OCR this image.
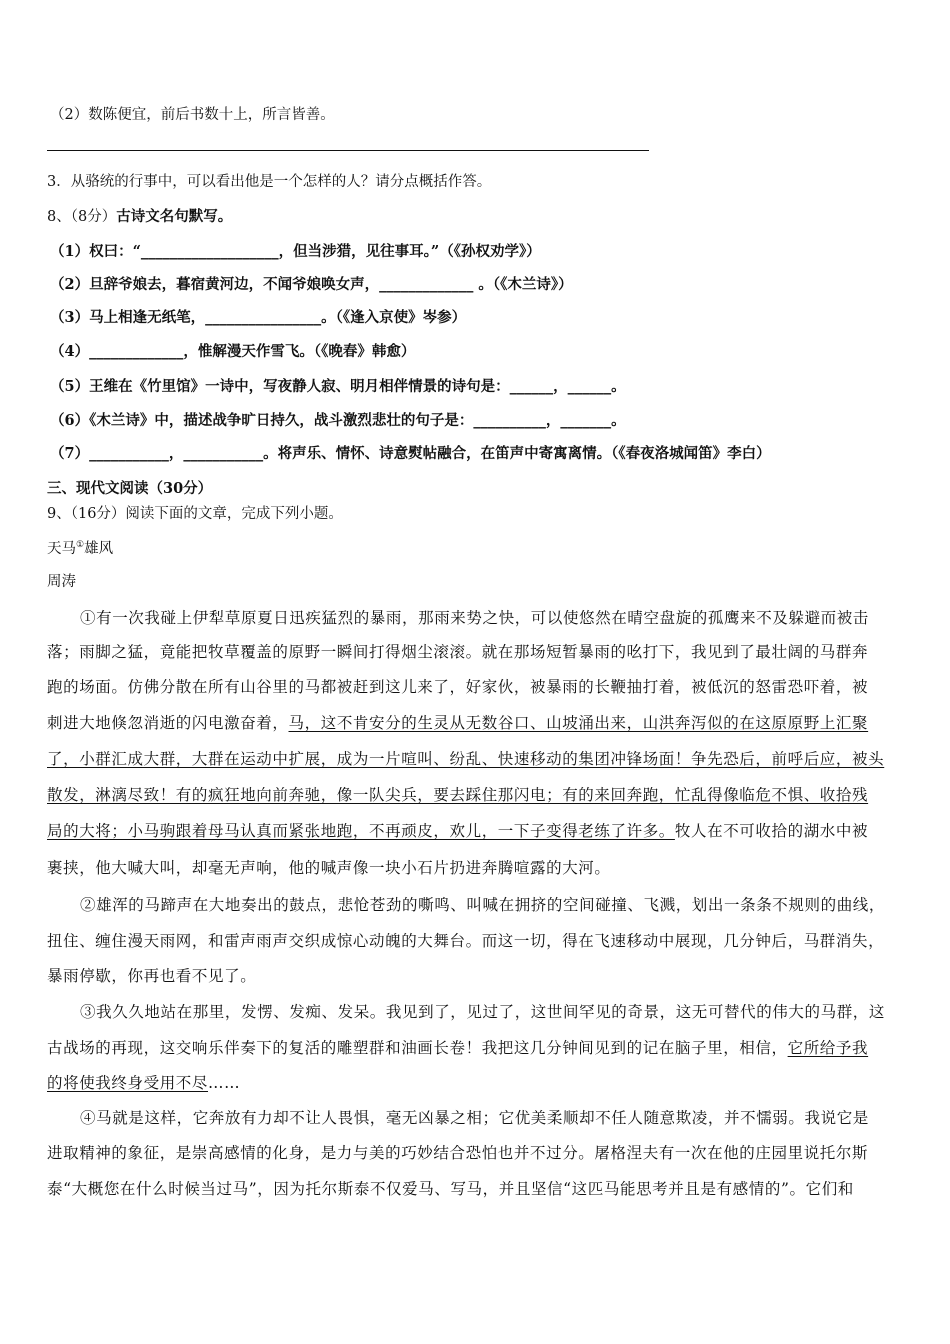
（2）数陈便宜，前后书数十上，所言皆善。
3．从骆统的行事中，可以看出他是一个怎样的人？请分点概括作答。
8、（8分）古诗文名句默写。
（1）权曰：“___________________，但当涉猎，见往事耳。”（《孙权劝学》）
（2）旦辞爷娘去，暮宿黄河边，不闻爷娘唤女声，_____________ 。（《木兰诗》）
（3）马上相逢无纸笔，________________。（《逢入京使》岑参）
（4）_____________，惟解漫天作雪飞。（《晚春》韩愈）
（5）王维在《竹里馆》一诗中，写夜静人寂、明月相伴情景的诗句是：______，______。
（6）《木兰诗》中，描述战争旷日持久，战斗激烈悲壮的句子是：__________，_______。
（7）___________，___________。将声乐、情怀、诗意熨帖融合，在笛声中寄寓离情。（《春夜洛城闻笛》李白）
三、现代文阅读（30分）
9、（16分）阅读下面的文章，完成下列小题。
天马①雄风
周涛
①有一次我碰上伊犁草原夏日迅疾猛烈的暴雨，那雨来势之快，可以使悠然在晴空盘旋的孤鹰来不及躲避而被击
落；雨脚之猛，竟能把牧草覆盖的原野一瞬间打得烟尘滚滚。就在那场短暂暴雨的吆打下，我见到了最壮阔的马群奔
跑的场面。仿佛分散在所有山谷里的马都被赶到这儿来了，好家伙，被暴雨的长鞭抽打着，被低沉的怒雷恐吓着，被
刺进大地倏忽消逝的闪电激奋着，马，这不肯安分的生灵从无数谷口、山坡涌出来，山洪奔泻似的在这原原野上汇聚
了，小群汇成大群，大群在运动中扩展，成为一片喧叫、纷乱、快速移动的集团冲锋场面！争先恐后，前呼后应，被头
散发，淋漓尽致！有的疯狂地向前奔驰，像一队尖兵，要去踩住那闪电；有的来回奔跑，忙乱得像临危不惧、收拾残
局的大将；小马驹跟着母马认真而紧张地跑，不再顽皮，欢儿，一下子变得老练了许多。牧人在不可收拾的湖水中被
裹挟，他大喊大叫，却毫无声响，他的喊声像一块小石片扔进奔腾喧露的大河。
②雄浑的马蹄声在大地奏出的鼓点，悲怆苍劲的嘶鸣、叫喊在拥挤的空间碰撞、飞溅，划出一条条不规则的曲线，
扭住、缠住漫天雨网，和雷声雨声交织成惊心动魄的大舞台。而这一切，得在飞速移动中展现，几分钟后，马群消失，
暴雨停歇，你再也看不见了。
③我久久地站在那里，发愣、发痴、发呆。我见到了，见过了，这世间罕见的奇景，这无可替代的伟大的马群，这
古战场的再现，这交响乐伴奏下的复活的雕塑群和油画长卷！我把这几分钟间见到的记在脑子里，相信，它所给予我
的将使我终身受用不尽……
④马就是这样，它奔放有力却不让人畏惧，毫无凶暴之相；它优美柔顺却不任人随意欺凌，并不懦弱。我说它是
进取精神的象征，是崇高感情的化身，是力与美的巧妙结合恐怕也并不过分。屠格涅夫有一次在他的庄园里说托尔斯
泰“大概您在什么时候当过马”，因为托尔斯泰不仅爱马、写马，并且坚信“这匹马能思考并且是有感情的”。它们和
